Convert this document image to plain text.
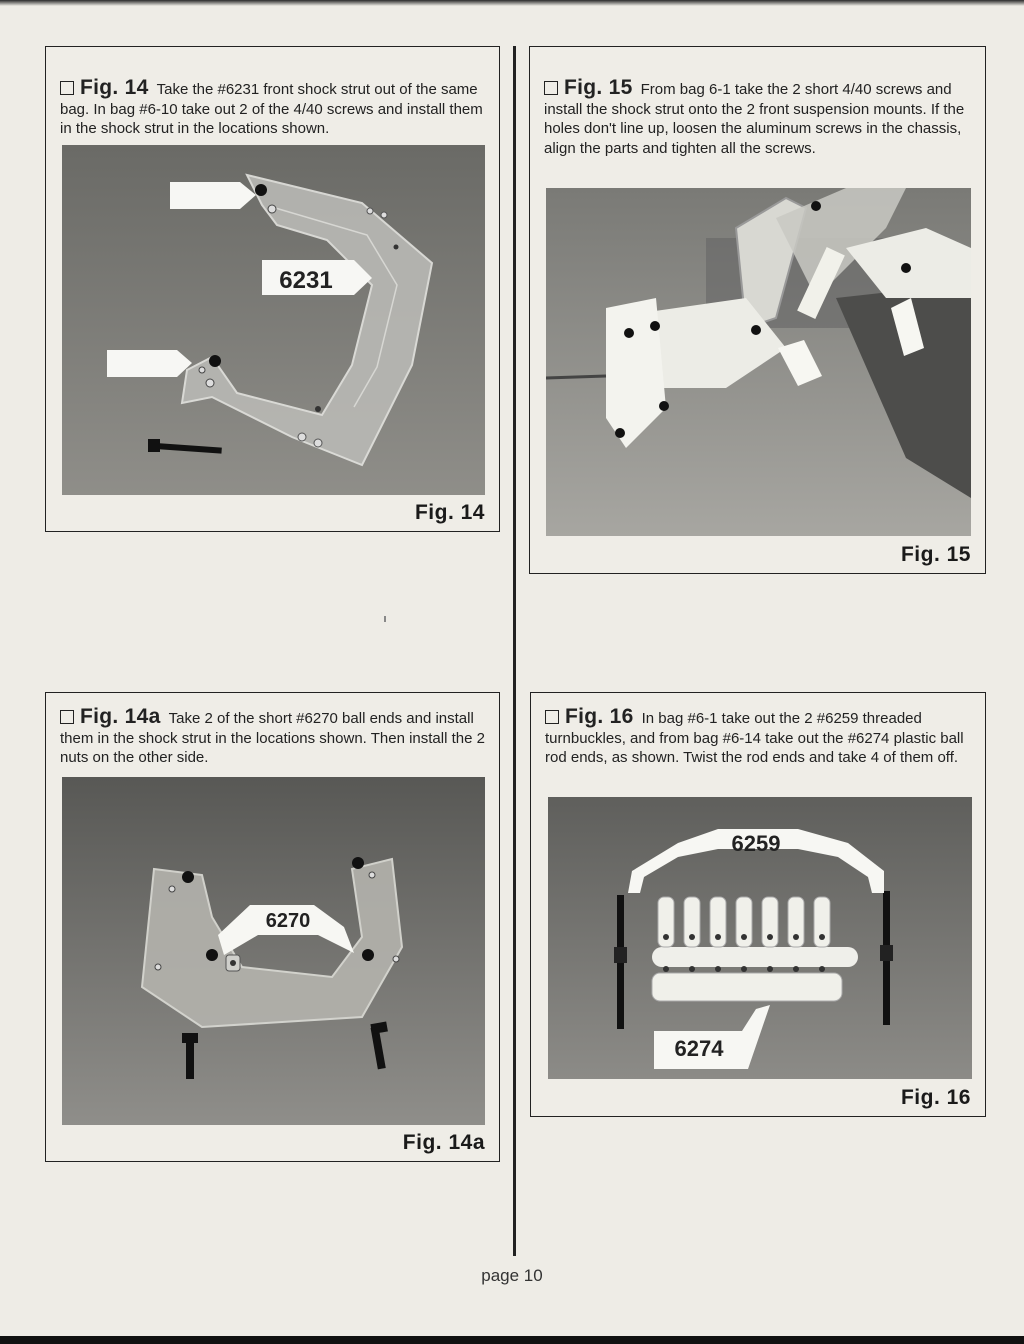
Fig. 14 Take the #6231 front shock strut out of the same bag. In bag #6-10 take out 2 of the 4/40 screws and install them in the shock strut in the locations shown.
6231
Fig. 14
Fig. 15 From bag 6-1 take the 2 short 4/40 screws and install the shock strut onto the 2 front suspension mounts. If the holes don't line up, loosen the aluminum screws in the chassis, align the parts and tighten all the screws.
Fig. 15
Fig. 14a Take 2 of the short #6270 ball ends and install them in the shock strut in the locations shown. Then install the 2 nuts on the other side.
6270
Fig. 14a
Fig. 16 In bag #6-1 take out the 2 #6259 threaded turnbuckles, and from bag #6-14 take out the #6274 plastic ball rod ends, as shown. Twist the rod ends and take 4 of them off.
6259
6274
Fig. 16
page 10
